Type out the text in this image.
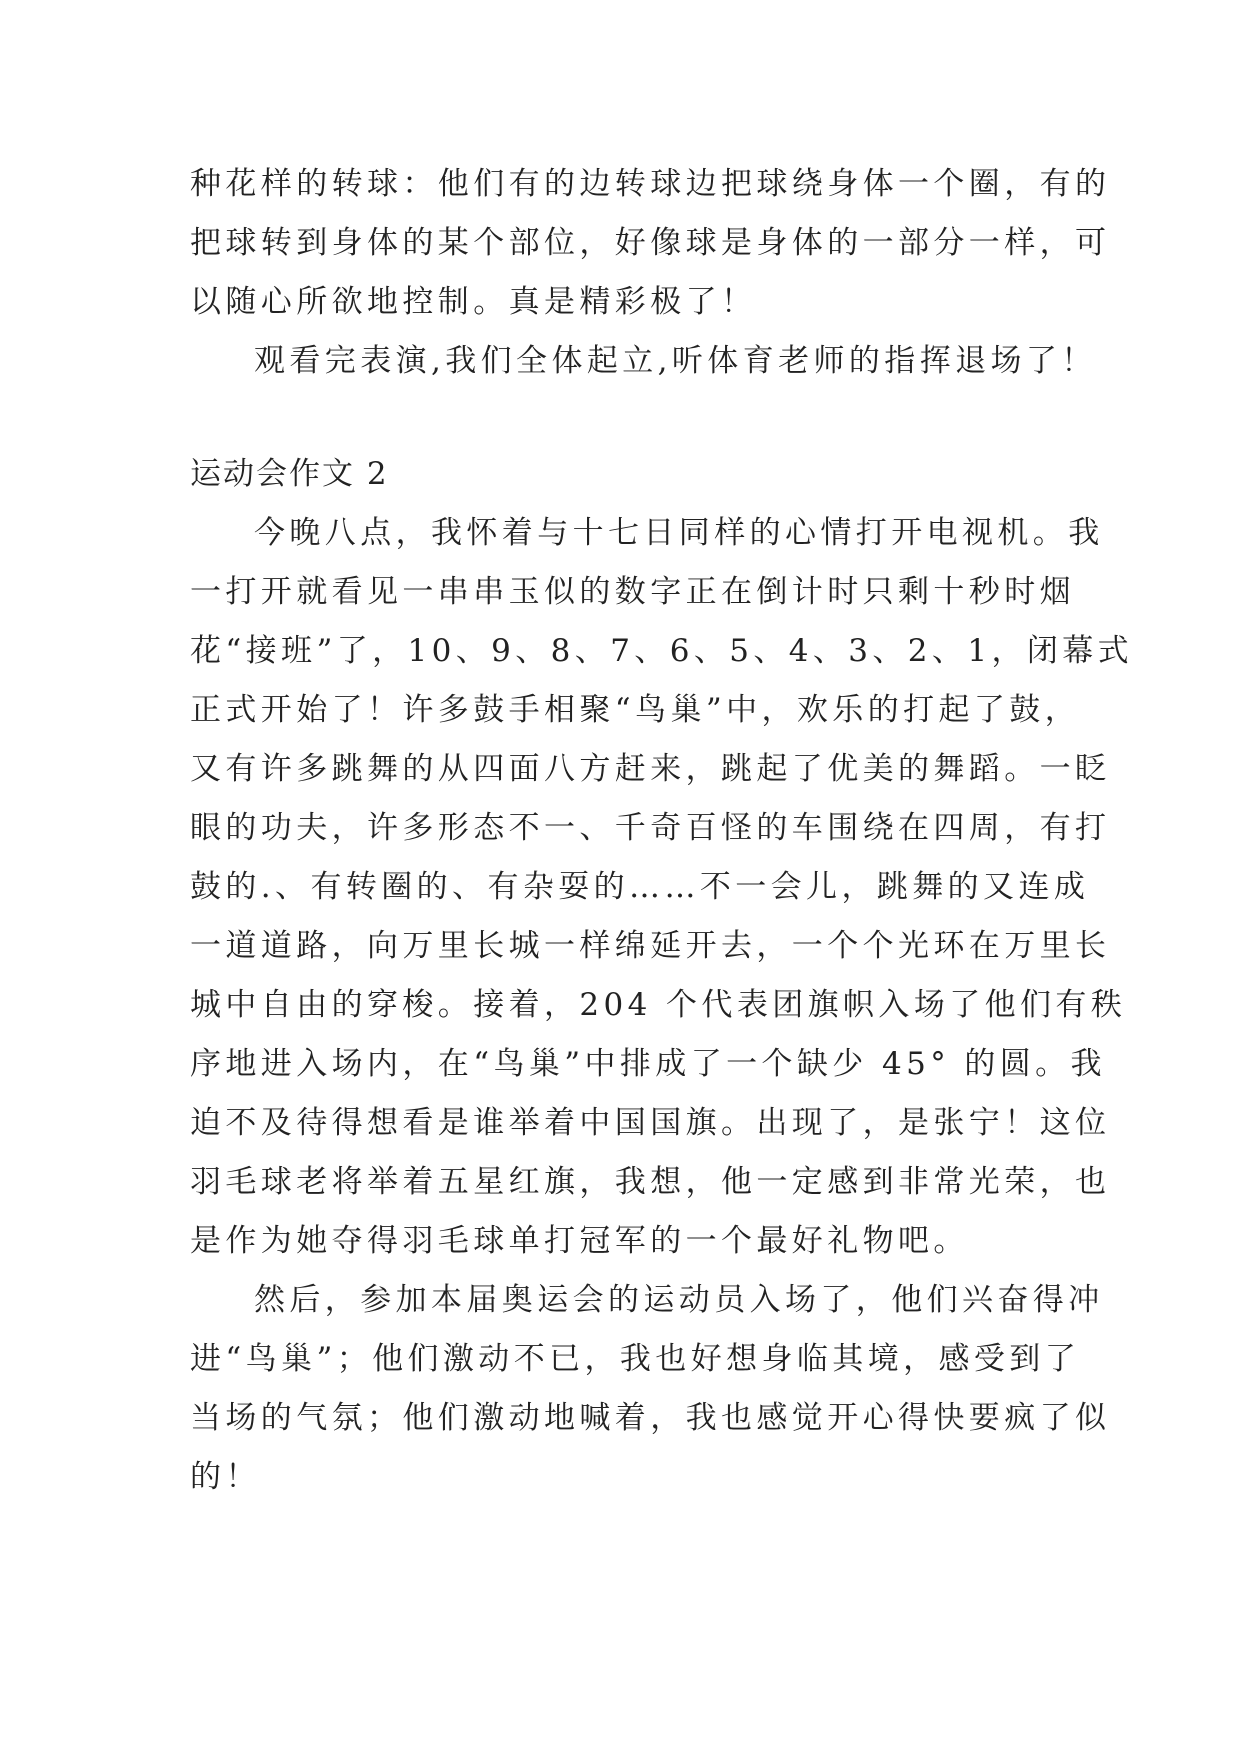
种花样的转球：他们有的边转球边把球绕身体一个圈，有的
把球转到身体的某个部位，好像球是身体的一部分一样，可
以随心所欲地控制。真是精彩极了！
观看完表演,我们全体起立,听体育老师的指挥退场了！
运动会作文 2
今晚八点，我怀着与十七日同样的心情打开电视机。我
一打开就看见一串串玉似的数字正在倒计时只剩十秒时烟
花“接班”了，10、9、8、7、6、5、4、3、2、1，闭幕式
正式开始了！许多鼓手相聚“鸟巢”中，欢乐的打起了鼓，
又有许多跳舞的从四面八方赶来，跳起了优美的舞蹈。一眨
眼的功夫，许多形态不一、千奇百怪的车围绕在四周，有打
鼓的.、有转圈的、有杂耍的……不一会儿，跳舞的又连成
一道道路，向万里长城一样绵延开去，一个个光环在万里长
城中自由的穿梭。接着，204 个代表团旗帜入场了他们有秩
序地进入场内，在“鸟巢”中排成了一个缺少 45° 的圆。我
迫不及待得想看是谁举着中国国旗。出现了，是张宁！这位
羽毛球老将举着五星红旗，我想，他一定感到非常光荣，也
是作为她夺得羽毛球单打冠军的一个最好礼物吧。
然后，参加本届奥运会的运动员入场了，他们兴奋得冲
进“鸟巢”；他们激动不已，我也好想身临其境，感受到了
当场的气氛；他们激动地喊着，我也感觉开心得快要疯了似
的！
